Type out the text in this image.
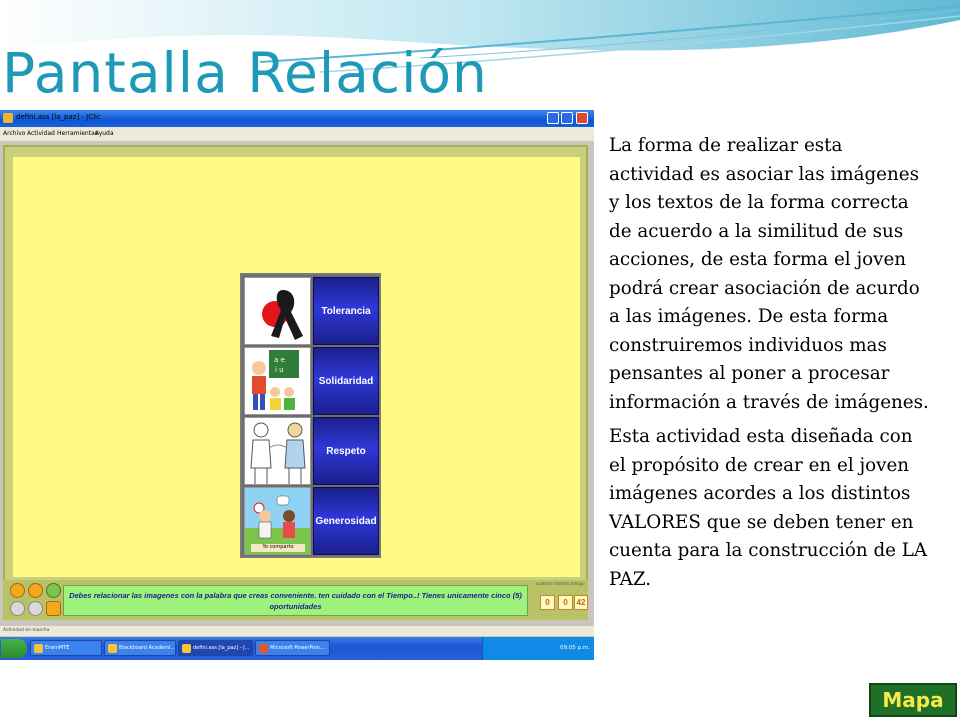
Pantalla Relación
defini.ass [la_paz] - JClic
Archivo Actividad Herramientas
Ayuda
Tolerancia
a e
i u
Solidaridad
Respeto
Yo comparto
Generosidad
Debes relacionar las imagenes con la palabra que creas conveniente. ten cuidado con el Tiempo..! Tienes unicamente cinco (5) oportunidades
aciertos intentos tiempo
0	0	42
Actividad en marcha
ErwinMTE	Blackboard Academi...	defini.ass [la_paz] - J...	Microsoft PowerPoin...	09:05 p.m.

La forma de realizar esta actividad es asociar las imágenes y los textos de la forma correcta de acuerdo a la similitud de sus acciones, de esta forma el joven podrá crear asociación de acurdo a las imágenes. De esta forma construiremos individuos mas pensantes al poner a procesar información a través de imágenes.

Esta actividad esta diseñada con el propósito de crear en el joven imágenes acordes a los distintos VALORES que se deben tener en cuenta para la construcción de LA PAZ.

Mapa
